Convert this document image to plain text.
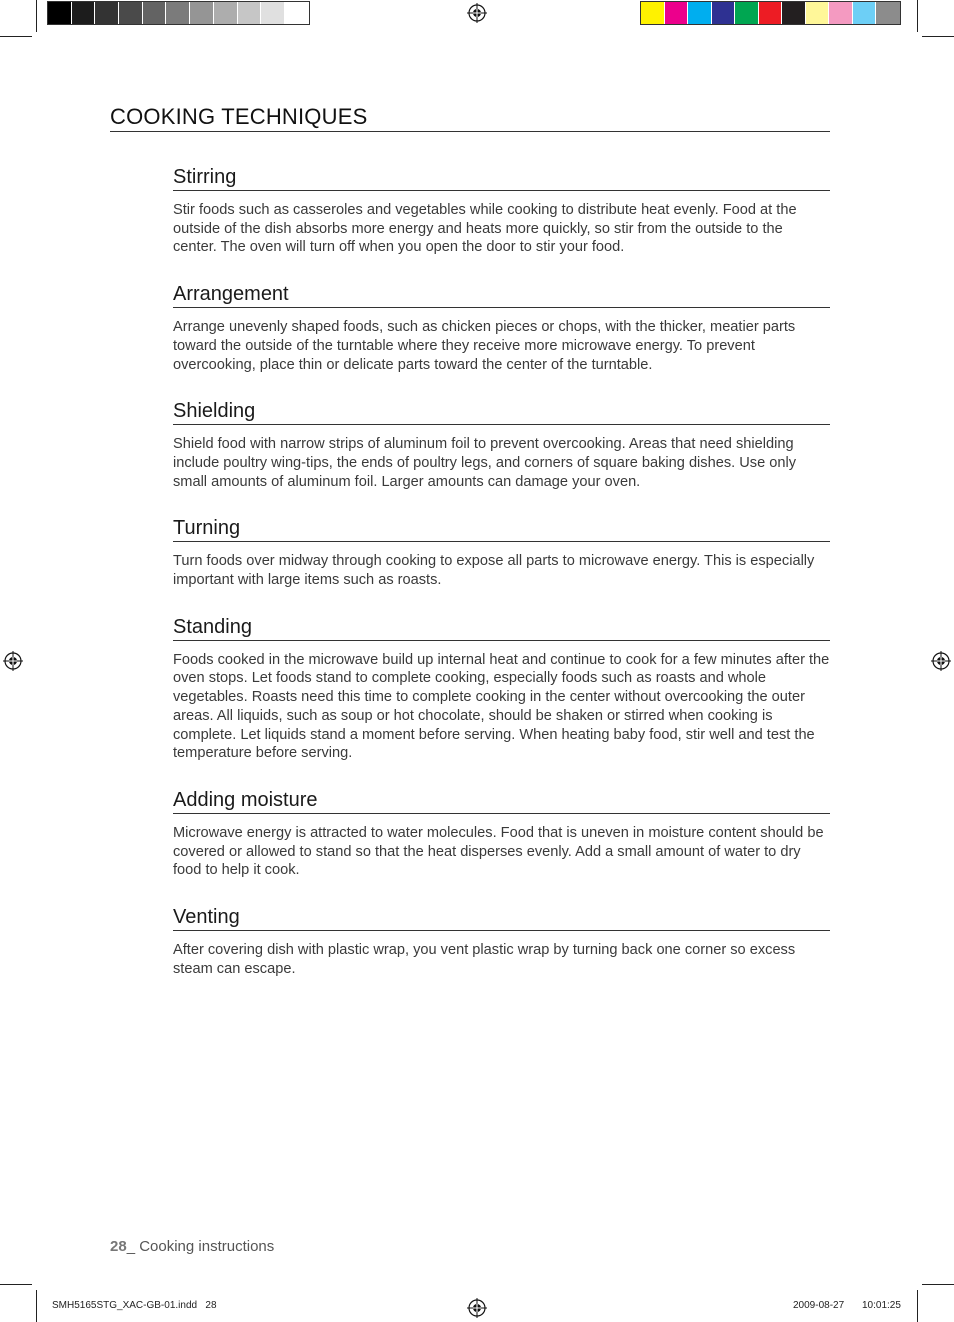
COOKING TECHNIQUES
Stirring

Stir foods such as casseroles and vegetables while cooking to distribute heat evenly. Food at the outside of the dish absorbs more energy and heats more quickly, so stir from the outside to the center. The oven will turn off when you open the door to stir your food.

Arrangement

Arrange unevenly shaped foods, such as chicken pieces or chops, with the thicker, meatier parts toward the outside of the turntable where they receive more microwave energy. To prevent overcooking, place thin or delicate parts toward the center of the turntable.

Shielding

Shield food with narrow strips of aluminum foil to prevent overcooking. Areas that need shielding include poultry wing-tips, the ends of poultry legs, and corners of square baking dishes. Use only small amounts of aluminum foil. Larger amounts can damage your oven.

Turning

Turn foods over midway through cooking to expose all parts to microwave energy. This is especially important with large items such as roasts.

Standing

Foods cooked in the microwave build up internal heat and continue to cook for a few minutes after the oven stops. Let foods stand to complete cooking, especially foods such as roasts and whole vegetables. Roasts need this time to complete cooking in the center without overcooking the outer areas. All liquids, such as soup or hot chocolate, should be shaken or stirred when cooking is complete. Let liquids stand a moment before serving. When heating baby food, stir well and test the temperature before serving.

Adding moisture

Microwave energy is attracted to water molecules. Food that is uneven in moisture content should be covered or allowed to stand so that the heat disperses evenly. Add a small amount of water to dry food to help it cook.

Venting

After covering dish with plastic wrap, you vent plastic wrap by turning back one corner so excess steam can escape.

28_ Cooking instructions
SMH5165STG_XAC-GB-01.indd   28	2009-08-27 10:01:25
